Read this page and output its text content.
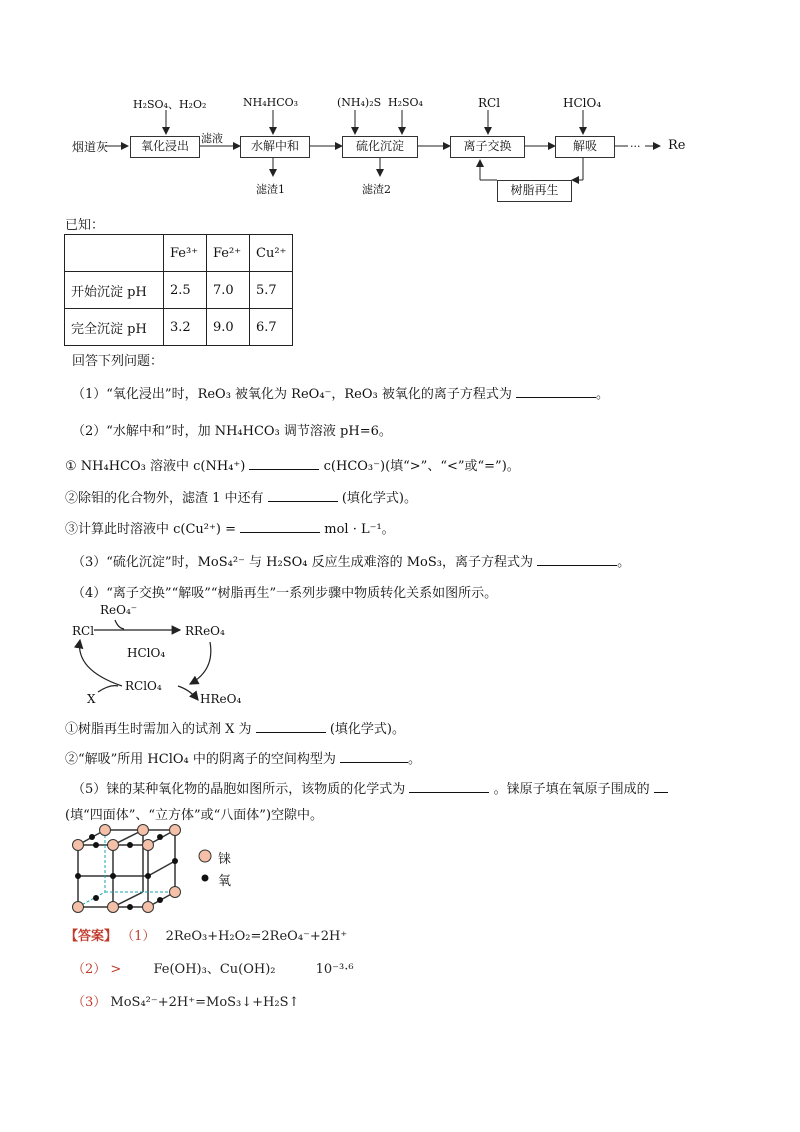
烟道灰	氧化浸出	水解中和	硫化沉淀	离子交换	解吸
树脂再生
H₂SO₄、H₂O₂	NH₄HCO₃	(NH₄)₂S H₂SO₄	RCl	HClO₄
滤液
滤渣1	滤渣2
··· Re
已知：
	Fe³⁺	Fe²⁺	Cu²⁺
开始沉淀 pH	2.5	7.0	5.7
完全沉淀 pH	3.2	9.0	6.7
回答下列问题：
（1）“氧化浸出”时，ReO₃ 被氧化为 ReO₄⁻，ReO₃ 被氧化的离子方程式为	。
（2）“水解中和”时，加 NH₄HCO₃ 调节溶液 pH=6。
① NH₄HCO₃ 溶液中 c(NH₄⁺)	c(HCO₃⁻)(填“>”、“<”或“=”)。
②除钼的化合物外，滤渣 1 中还有	(填化学式)。
③计算此时溶液中 c(Cu²⁺) =	mol · L⁻¹。
（3）“硫化沉淀”时，MoS₄²⁻ 与 H₂SO₄ 反应生成难溶的 MoS₃，离子方程式为	。
（4）“离子交换”“解吸”“树脂再生”一系列步骤中物质转化关系如图所示。
ReO₄⁻
RCl	RReO₄
HClO₄
RClO₄
X	HReO₄
①树脂再生时需加入的试剂 X 为	(填化学式)。
②“解吸”所用 HClO₄ 中的阴离子的空间构型为	。
（5）铼的某种氧化物的晶胞如图所示，该物质的化学式为	。铼原子填在氧原子围成的
(填“四面体”、“立方体”或“八面体”)空隙中。
铼
氧
【答案】 （1） 2ReO₃+H₂O₂=2ReO₄⁻+2H⁺
（2） > Fe(OH)₃、Cu(OH)₂	10⁻³·⁶
（3） MoS₄²⁻+2H⁺=MoS₃↓+H₂S↑
